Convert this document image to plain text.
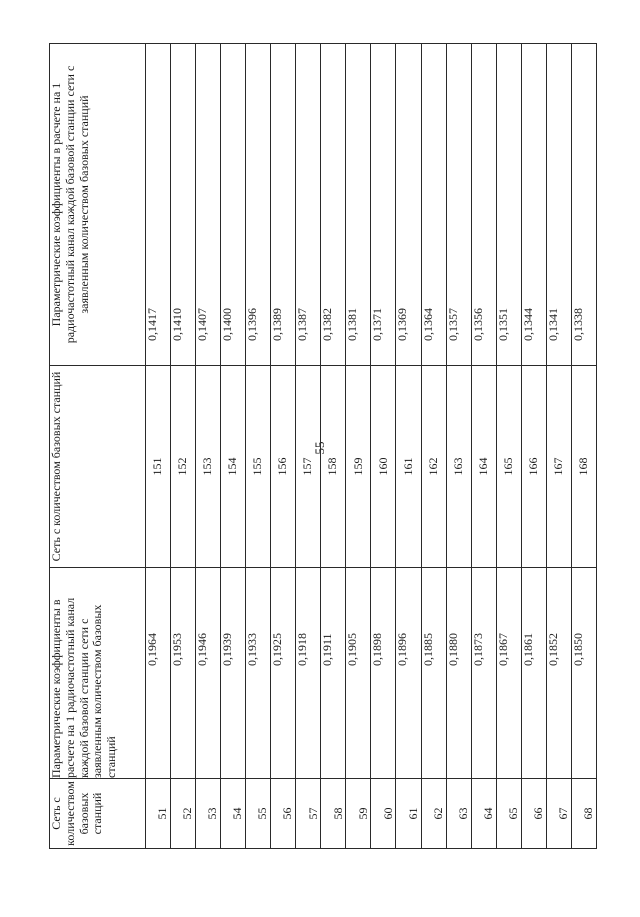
55
Сеть с количеством базовых станций	Параметрические коэффициенты в расчете на 1 радиочастотный канал каждой базовой станции сети с заявленным количеством базовых станций	Сеть с количеством базовых станций	Параметрические коэффициенты в расчете на 1 радиочастотный канал каждой базовой станции сети с заявленным количеством базовых станций
51	0,1964	151	0,1417
52	0,1953	152	0,1410
53	0,1946	153	0,1407
54	0,1939	154	0,1400
55	0,1933	155	0,1396
56	0,1925	156	0,1389
57	0,1918	157	0,1387
58	0,1911	158	0,1382
59	0,1905	159	0,1381
60	0,1898	160	0,1371
61	0,1896	161	0,1369
62	0,1885	162	0,1364
63	0,1880	163	0,1357
64	0,1873	164	0,1356
65	0,1867	165	0,1351
66	0,1861	166	0,1344
67	0,1852	167	0,1341
68	0,1850	168	0,1338
